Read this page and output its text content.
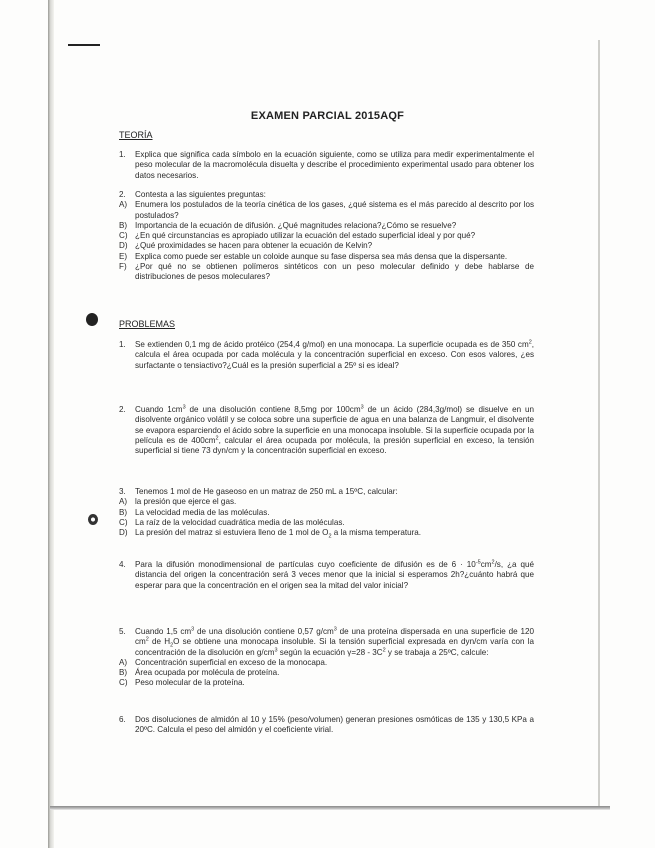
EXAMEN PARCIAL 2015AQF
TEORÍA
1.	Explica que significa cada símbolo en la ecuación siguiente, como se utiliza para medir experimentalmente el peso molecular de la macromolécula disuelta y describe el procedimiento experimental usado para obtener los datos necesarios.
2.	Contesta a las siguientes preguntas:
A) Enumera los postulados de la teoría cinética de los gases, ¿qué sistema es el más parecido al descrito por los postulados?
B) Importancia de la ecuación de difusión. ¿Qué magnitudes relaciona?¿Cómo se resuelve?
C) ¿En qué circunstancias es apropiado utilizar la ecuación del estado superficial ideal y por qué?
D) ¿Qué proximidades se hacen para obtener la ecuación de Kelvin?
E) Explica como puede ser estable un coloide aunque su fase dispersa sea más densa que la dispersante.
F)	¿Por qué no se obtienen polímeros sintéticos con un peso molecular definido y debe hablarse de distribuciones de pesos moleculares?
PROBLEMAS
1.	Se extienden 0,1 mg de ácido protéico (254,4 g/mol) en una monocapa. La superficie ocupada es de 350 $cm^2$, calcula el área ocupada por cada molécula y la concentración superficial en exceso. Con esos valores, ¿es surfactante o tensiactivo?¿Cuál es la presión superficial a 25º si es ideal?
2.	Cuando $1cm^3$ de una disolución contiene 8,5mg por $100cm^3$ de un ácido (284,3g/mol) se disuelve en un disolvente orgánico volátil y se coloca sobre una superficie de agua en una balanza de Langmuir, el disolvente se evapora esparciendo el ácido sobre la superficie en una monocapa insoluble. Si la superficie ocupada por la película es de $400cm^2$, calcular el área ocupada por molécula, la presión superficial en exceso, la tensión superficial si tiene 73 dyn/cm y la concentración superficial en exceso.
3.	Tenemos 1 mol de He gaseoso en un matraz de 250 mL a 15ºC, calcular:
A) la presión que ejerce el gas.
B) La velocidad media de las moléculas.
C) La raíz de la velocidad cuadrática media de las moléculas.
D) La presión del matraz si estuviera lleno de 1 mol de $O_2$ a la misma temperatura.
4.	Para la difusión monodimensional de partículas cuyo coeficiente de difusión es de $6 \cdot 10^{-5}cm^2/s$, ¿a qué distancia del origen la concentración será 3 veces menor que la inicial si esperamos 2h?¿cuánto habrá que esperar para que la concentración en el origen sea la mitad del valor inicial?
5.	Cuando 1,5 $cm^3$ de una disolución contiene 0,57 $g/cm^3$ de una proteína dispersada en una superficie de 120 $cm^2$ de $H_2O$ se obtiene una monocapa insoluble. Si la tensión superficial expresada en dyn/cm varía con la concentración de la disolución en $g/cm^3$ según la ecuación $\gamma=28 - 3C^2$ y se trabaja a 25ºC, calcule:
A) Concentración superficial en exceso de la monocapa.
B) Área ocupada por molécula de proteína.
C) Peso molecular de la proteína.
6.	Dos disoluciones de almidón al 10 y 15% (peso/volumen) generan presiones osmóticas de 135 y 130,5 KPa a 20ºC. Calcula el peso del almidón y el coeficiente virial.
